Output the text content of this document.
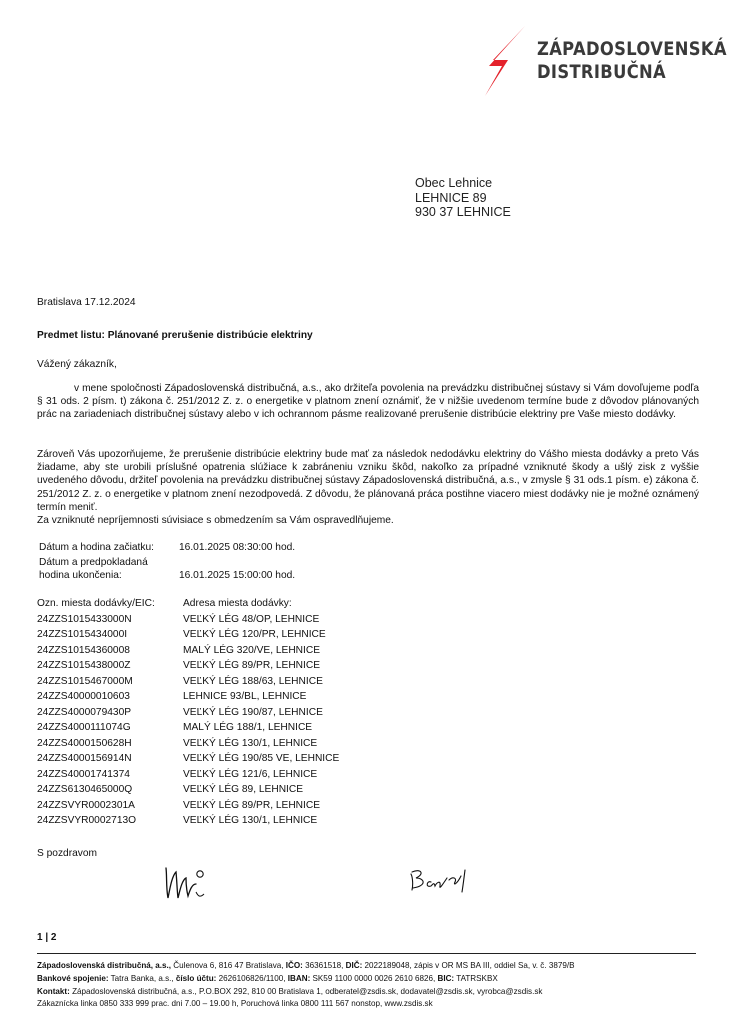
ZÁPADOSLOVENSKÁ
DISTRIBUČNÁ
Obec Lehnice
LEHNICE 89
930 37 LEHNICE
Bratislava 17.12.2024
Predmet listu: Plánované prerušenie distribúcie elektriny
Vážený zákazník,
v mene spoločnosti Západoslovenská distribučná, a.s., ako držiteľa povolenia na prevádzku distribučnej sústavy si Vám dovoľujeme podľa § 31 ods. 2 písm. t) zákona č. 251/2012 Z. z. o energetike v platnom znení oznámiť, že v nižšie uvedenom termíne bude z dôvodov plánovaných prác na zariadeniach distribučnej sústavy alebo v ich ochrannom pásme realizované prerušenie distribúcie elektriny pre Vaše miesto dodávky.
Zároveň Vás upozorňujeme, že prerušenie distribúcie elektriny bude mať za následok nedodávku elektriny do Vášho miesta dodávky a preto Vás žiadame, aby ste urobili príslušné opatrenia slúžiace k zabráneniu vzniku škôd, nakoľko za prípadné vzniknuté škody a ušlý zisk z vyššie uvedeného dôvodu, držiteľ povolenia na prevádzku distribučnej sústavy Západoslovenská distribučná, a.s., v zmysle § 31 ods.1 písm. e) zákona č. 251/2012 Z. z. o energetike v platnom znení nezodpovedá. Z dôvodu, že plánovaná práca postihne viacero miest dodávky nie je možné oznámený termín meniť.
Za vzniknuté nepríjemnosti súvisiace s obmedzením sa Vám ospravedlňujeme.
Dátum a hodina začiatku: 16.01.2025 08:30:00 hod.
Dátum a predpokladaná
hodina ukončenia:	16.01.2025 15:00:00 hod.
Ozn. miesta dodávky/EIC:	Adresa miesta dodávky:
24ZZS1015433000N	VEĽKÝ LÉG 48/OP, LEHNICE
24ZZS1015434000I	VEĽKÝ LÉG 120/PR, LEHNICE
24ZZS10154360008	MALÝ LÉG 320/VE, LEHNICE
24ZZS1015438000Z	VEĽKÝ LÉG 89/PR, LEHNICE
24ZZS1015467000M	VEĽKÝ LÉG 188/63, LEHNICE
24ZZS40000010603	LEHNICE 93/BL, LEHNICE
24ZZS4000079430P	VEĽKÝ LÉG 190/87, LEHNICE
24ZZS4000111074G	MALÝ LÉG 188/1, LEHNICE
24ZZS4000150628H	VEĽKÝ LÉG 130/1, LEHNICE
24ZZS4000156914N	VEĽKÝ LÉG 190/85 VE, LEHNICE
24ZZS40001741374	VEĽKÝ LÉG 121/6, LEHNICE
24ZZS6130465000Q	VEĽKÝ LÉG 89, LEHNICE
24ZZSVYR0002301A	VEĽKÝ LÉG 89/PR, LEHNICE
24ZZSVYR0002713O	VEĽKÝ LÉG 130/1, LEHNICE
S pozdravom
1 | 2
Západoslovenská distribučná, a.s., Čulenova 6, 816 47 Bratislava, IČO: 36361518, DIČ: 2022189048, zápis v OR MS BA III, oddiel Sa, v. č. 3879/B
Bankové spojenie: Tatra Banka, a.s., číslo účtu: 2626106826/1100, IBAN: SK59 1100 0000 0026 2610 6826, BIC: TATRSKBX
Kontakt: Západoslovenská distribučná, a.s., P.O.BOX 292, 810 00 Bratislava 1, odberatel@zsdis.sk, dodavatel@zsdis.sk, vyrobca@zsdis.sk
Zákaznícka linka 0850 333 999 prac. dni 7.00 – 19.00 h, Poruchová linka 0800 111 567 nonstop, www.zsdis.sk
